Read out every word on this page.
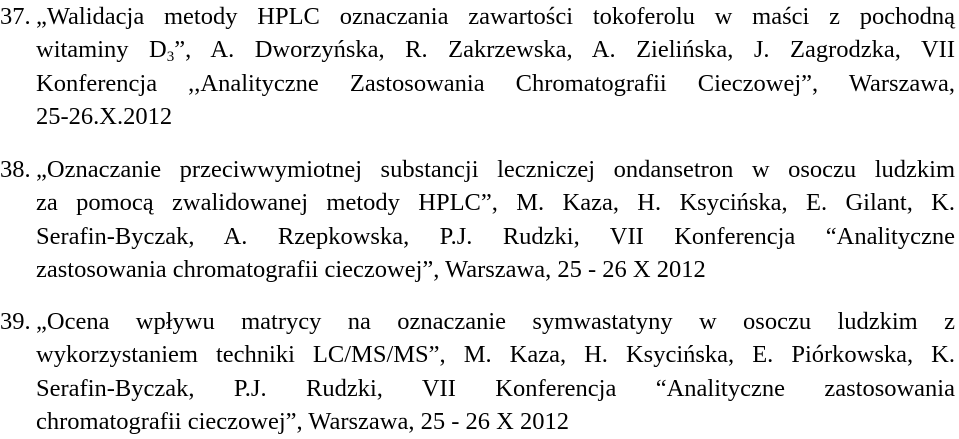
37. „Walidacja metody HPLC oznaczania zawartości tokoferolu w maści z pochodną
witaminy $D_3$”, A. Dworzyńska, R. Zakrzewska, A. Zielińska, J. Zagrodzka, VII
Konferencja ,,Analityczne Zastosowania Chromatografii Cieczowej”, Warszawa,
25-26.X.2012
38. „Oznaczanie przeciwwymiotnej substancji leczniczej ondansetron w osoczu ludzkim
za pomocą zwalidowanej metody HPLC”, M. Kaza, H. Ksycińska, E. Gilant, K.
Serafin-Byczak, A. Rzepkowska, P.J. Rudzki, VII Konferencja “Analityczne
zastosowania chromatografii cieczowej”, Warszawa, 25 - 26 X 2012
39. „Ocena wpływu matrycy na oznaczanie symwastatyny w osoczu ludzkim z
wykorzystaniem techniki LC/MS/MS”, M. Kaza, H. Ksycińska, E. Piórkowska, K.
Serafin-Byczak, P.J. Rudzki, VII Konferencja “Analityczne zastosowania
chromatografii cieczowej”, Warszawa, 25 - 26 X 2012
